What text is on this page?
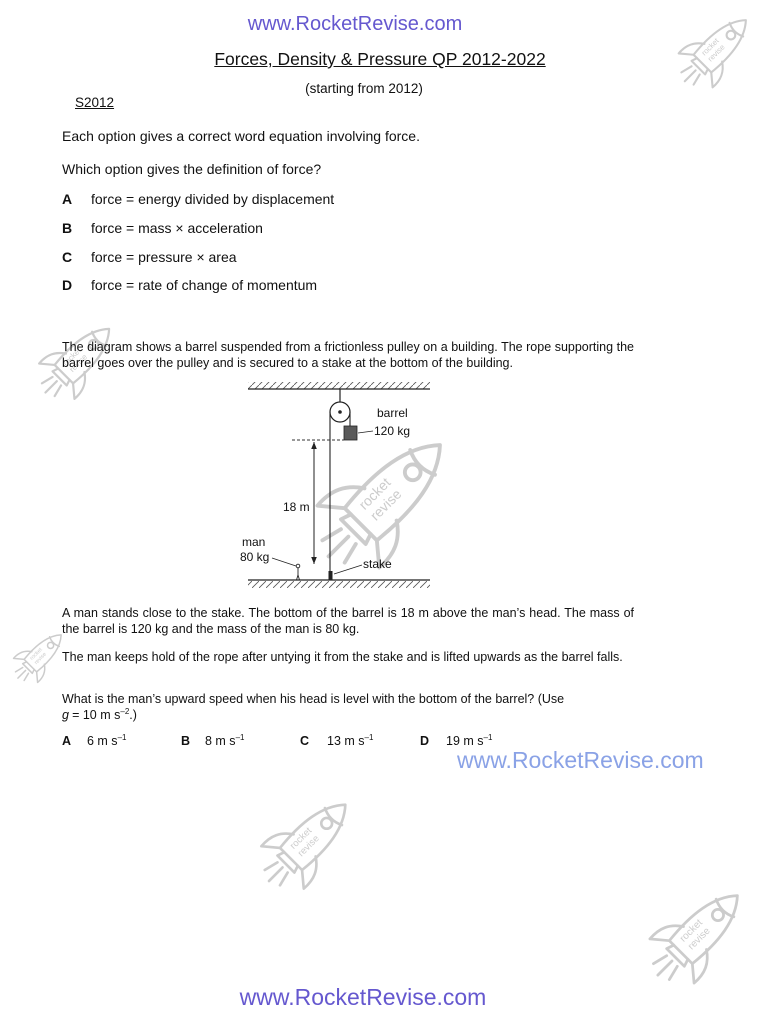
www.RocketRevise.com
Forces, Density & Pressure QP 2012-2022
(starting from 2012)
S2012
Each option gives a correct word equation involving force.
Which option gives the definition of force?
A force = energy divided by displacement
B force = mass × acceleration
C force = pressure × area
D force = rate of change of momentum
The diagram shows a barrel suspended from a frictionless pulley on a building. The rope supporting the barrel goes over the pulley and is secured to a stake at the bottom of the building.
barrel
120 kg
18 m
man
80 kg	stake
A man stands close to the stake. The bottom of the barrel is 18 m above the man’s head. The mass of the barrel is 120 kg and the mass of the man is 80 kg.
The man keeps hold of the rope after untying it from the stake and is lifted upwards as the barrel falls.
What is the man’s upward speed when his head is level with the bottom of the barrel? (Use
g = 10 m $s^{-2}$.)
A 6 m $s^{-1}$	B 8 m $s^{-1}$	C 13 m $s^{-1}$	D 19 m $s^{-1}$
www.RocketRevise.com
www.RocketRevise.com
